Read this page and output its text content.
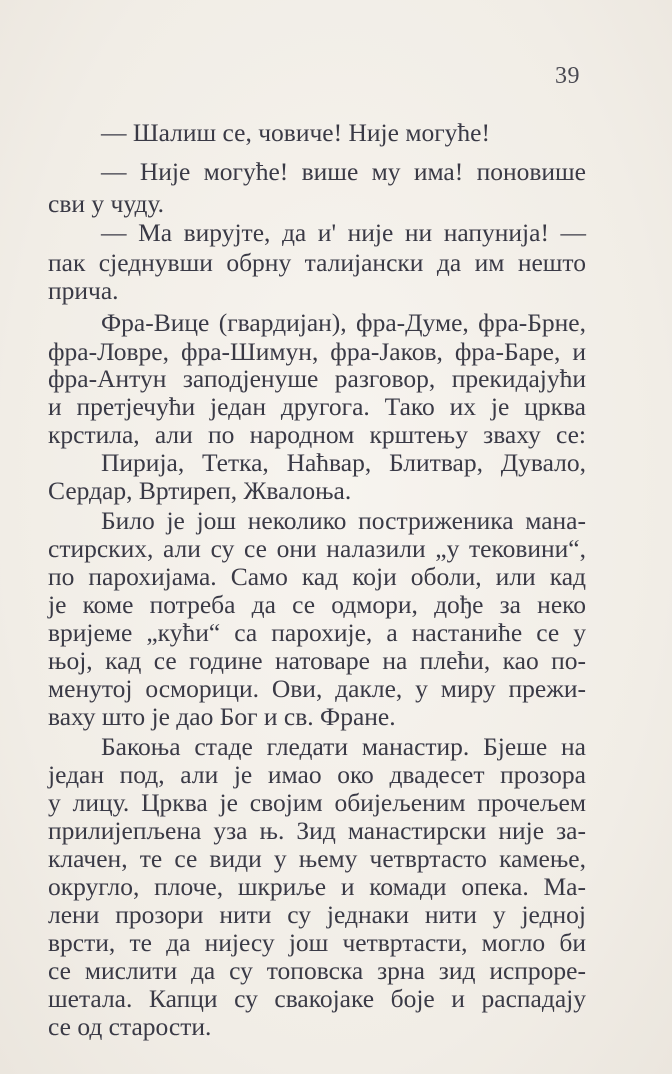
39
— Шалиш се, човиче! Није могуће!
— Није могуће! више му има! поновише
сви у чуду.
— Ма вирујте, да и' није ни напунија! —
пак сједнувши обрну талијански да им нешто
прича.
Фра-Вице (гвардијан), фра-Думе, фра-Брне,
фра-Ловре, фра-Шимун, фра-Јаков, фра-Баре, и
фра-Антун заподјенуше разговор, прекидајући
и претјечући један другога. Тако их је црква
крстила, али по народном крштењу зваху се:
Пирија, Тетка, Наћвар, Блитвар, Дувало,
Сердар, Вртиреп, Жвалоња.
Било је још неколико постриженика мана-
стирских, али су се они налазили „у тековини“,
по парохијама. Само кад који оболи, или кад
је коме потреба да се одмори, дође за неко
вријеме „кући“ са парохије, а настаниће се у
њој, кад се године натоваре на плећи, као по-
менутој осморици. Ови, дакле, у миру прежи-
ваху што је дао Бог и св. Фране.
Бакоња стаде гледати манастир. Бјеше на
један под, али је имао око двадесет прозора
у лицу. Црква је својим обијељеним прочељем
прилијепљена уза њ. Зид манастирски није за-
клачен, те се види у њему четвртасто камење,
округло, плоче, шкриље и комади опека. Ма-
лени прозори нити су једнаки нити у једној
врсти, те да нијесу још четвртасти, могло би
се мислити да су топовска зрна зид испроре-
шетала. Капци су свакојаке боје и распадају
се од старости.
